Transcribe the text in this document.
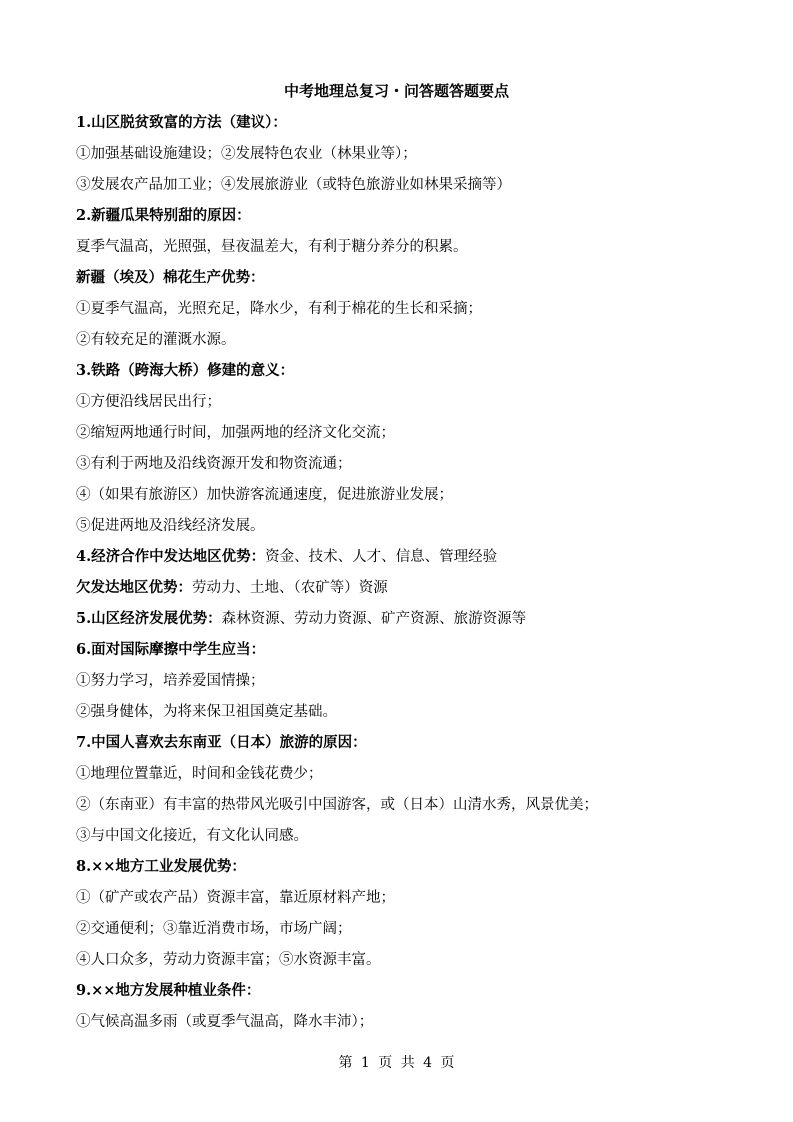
中考地理总复习・问答题答题要点
1.山区脱贫致富的方法（建议）：
①加强基础设施建设；②发展特色农业（林果业等）；
③发展农产品加工业；④发展旅游业（或特色旅游业如林果采摘等）
2.新疆瓜果特别甜的原因：
夏季气温高，光照强，昼夜温差大，有利于糖分养分的积累。
新疆（埃及）棉花生产优势：
①夏季气温高，光照充足，降水少，有利于棉花的生长和采摘；
②有较充足的灌溉水源。
3.铁路（跨海大桥）修建的意义：
①方便沿线居民出行；
②缩短两地通行时间，加强两地的经济文化交流；
③有利于两地及沿线资源开发和物资流通；
④（如果有旅游区）加快游客流通速度，促进旅游业发展；
⑤促进两地及沿线经济发展。
4.经济合作中发达地区优势：资金、技术、人才、信息、管理经验
欠发达地区优势：劳动力、土地、（农矿等）资源
5.山区经济发展优势：森林资源、劳动力资源、矿产资源、旅游资源等
6.面对国际摩擦中学生应当：
①努力学习，培养爱国情操；
②强身健体，为将来保卫祖国奠定基础。
7.中国人喜欢去东南亚（日本）旅游的原因：
①地理位置靠近，时间和金钱花费少；
②（东南亚）有丰富的热带风光吸引中国游客，或（日本）山清水秀，风景优美；
③与中国文化接近，有文化认同感。
8.××地方工业发展优势：
①（矿产或农产品）资源丰富，靠近原材料产地；
②交通便利；③靠近消费市场，市场广阔；
④人口众多，劳动力资源丰富；⑤水资源丰富。
9.××地方发展种植业条件：
①气候高温多雨（或夏季气温高，降水丰沛）；
第 1 页 共 4 页
